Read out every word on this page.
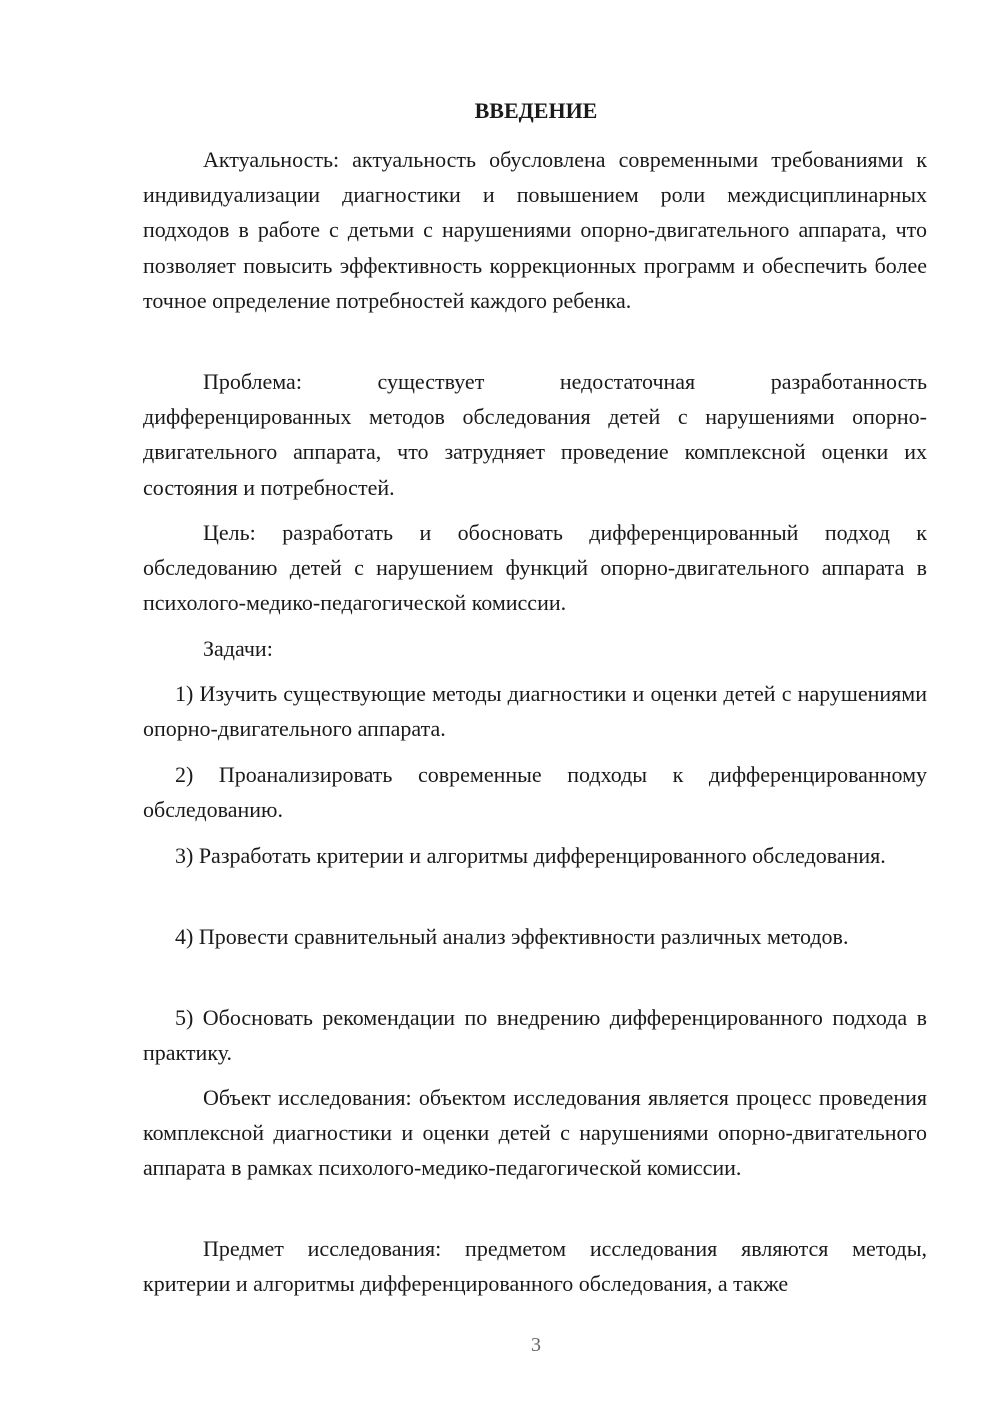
ВВЕДЕНИЕ

Актуальность: актуальность обусловлена современными требованиями к индивидуализации диагностики и повышением роли междисциплинарных подходов в работе с детьми с нарушениями опорно-двигательного аппарата, что позволяет повысить эффективность коррекционных программ и обеспечить более точное определение потребностей каждого ребенка.

Проблема: существует недостаточная разработанность дифференцированных методов обследования детей с нарушениями опорно-двигательного аппарата, что затрудняет проведение комплексной оценки их состояния и потребностей.

Цель: разработать и обосновать дифференцированный подход к обследованию детей с нарушением функций опорно-двигательного аппарата в психолого-медико-педагогической комиссии.

Задачи:

1) Изучить существующие методы диагностики и оценки детей с нарушениями опорно-двигательного аппарата.

2) Проанализировать современные подходы к дифференцированному обследованию.

3) Разработать критерии и алгоритмы дифференцированного обследования.

4) Провести сравнительный анализ эффективности различных методов.

5) Обосновать рекомендации по внедрению дифференцированного подхода в практику.

Объект исследования: объектом исследования является процесс проведения комплексной диагностики и оценки детей с нарушениями опорно-двигательного аппарата в рамках психолого-медико-педагогической комиссии.

Предмет исследования: предметом исследования являются методы, критерии и алгоритмы дифференцированного обследования, а также

3
